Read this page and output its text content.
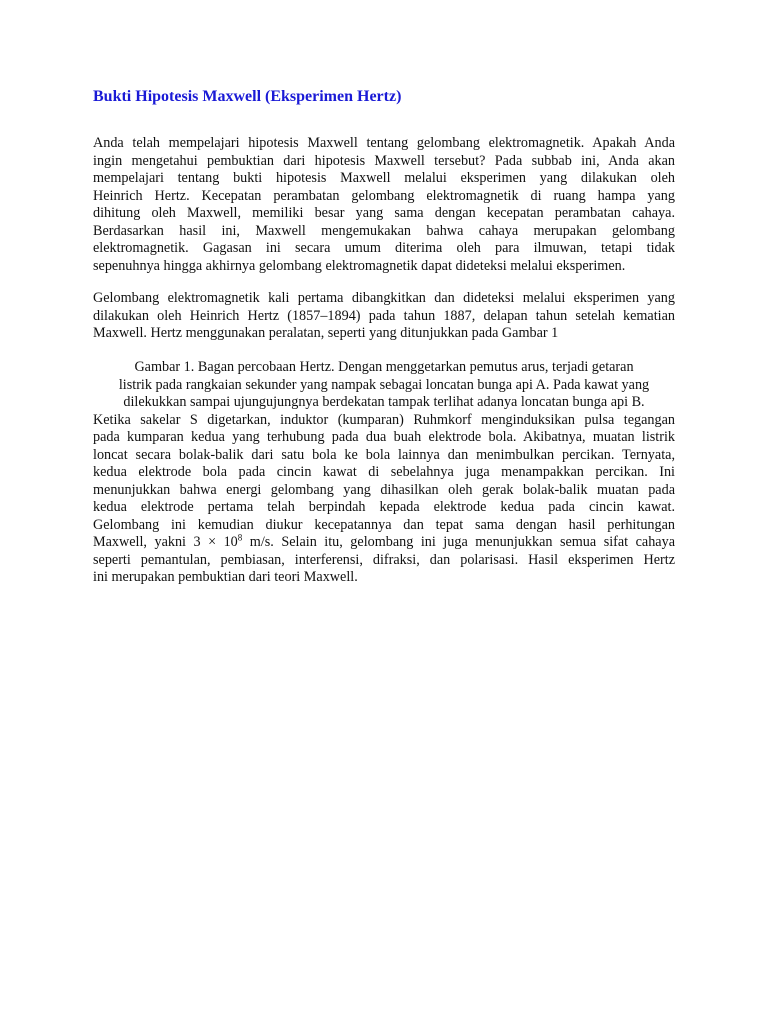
Bukti Hipotesis Maxwell (Eksperimen Hertz)

Anda telah mempelajari hipotesis Maxwell tentang gelombang elektromagnetik. Apakah Anda
ingin mengetahui pembuktian dari hipotesis Maxwell tersebut? Pada subbab ini, Anda akan
mempelajari tentang bukti hipotesis Maxwell melalui eksperimen yang dilakukan oleh
Heinrich Hertz. Kecepatan perambatan gelombang elektromagnetik di ruang hampa yang
dihitung oleh Maxwell, memiliki besar yang sama dengan kecepatan perambatan cahaya.
Berdasarkan hasil ini, Maxwell mengemukakan bahwa cahaya merupakan gelombang
elektromagnetik. Gagasan ini secara umum diterima oleh para ilmuwan, tetapi tidak
sepenuhnya hingga akhirnya gelombang elektromagnetik dapat dideteksi melalui eksperimen.

Gelombang elektromagnetik kali pertama dibangkitkan dan dideteksi melalui eksperimen yang
dilakukan oleh Heinrich Hertz (1857–1894) pada tahun 1887, delapan tahun setelah kematian
Maxwell. Hertz menggunakan peralatan, seperti yang ditunjukkan pada Gambar 1

Gambar 1. Bagan percobaan Hertz. Dengan menggetarkan pemutus arus, terjadi getaran
listrik pada rangkaian sekunder yang nampak sebagai loncatan bunga api A. Pada kawat yang
dilekukkan sampai ujungujungnya berdekatan tampak terlihat adanya loncatan bunga api B.
Ketika sakelar S digetarkan, induktor (kumparan) Ruhmkorf menginduksikan pulsa tegangan
pada kumparan kedua yang terhubung pada dua buah elektrode bola. Akibatnya, muatan listrik
loncat secara bolak-balik dari satu bola ke bola lainnya dan menimbulkan percikan. Ternyata,
kedua elektrode bola pada cincin kawat di sebelahnya juga menampakkan percikan. Ini
menunjukkan bahwa energi gelombang yang dihasilkan oleh gerak bolak-balik muatan pada
kedua elektrode pertama telah berpindah kepada elektrode kedua pada cincin kawat.
Gelombang ini kemudian diukur kecepatannya dan tepat sama dengan hasil perhitungan
Maxwell, yakni $3 \times 10^8$ m/s. Selain itu, gelombang ini juga menunjukkan semua sifat cahaya
seperti pemantulan, pembiasan, interferensi, difraksi, dan polarisasi. Hasil eksperimen Hertz
ini merupakan pembuktian dari teori Maxwell.
